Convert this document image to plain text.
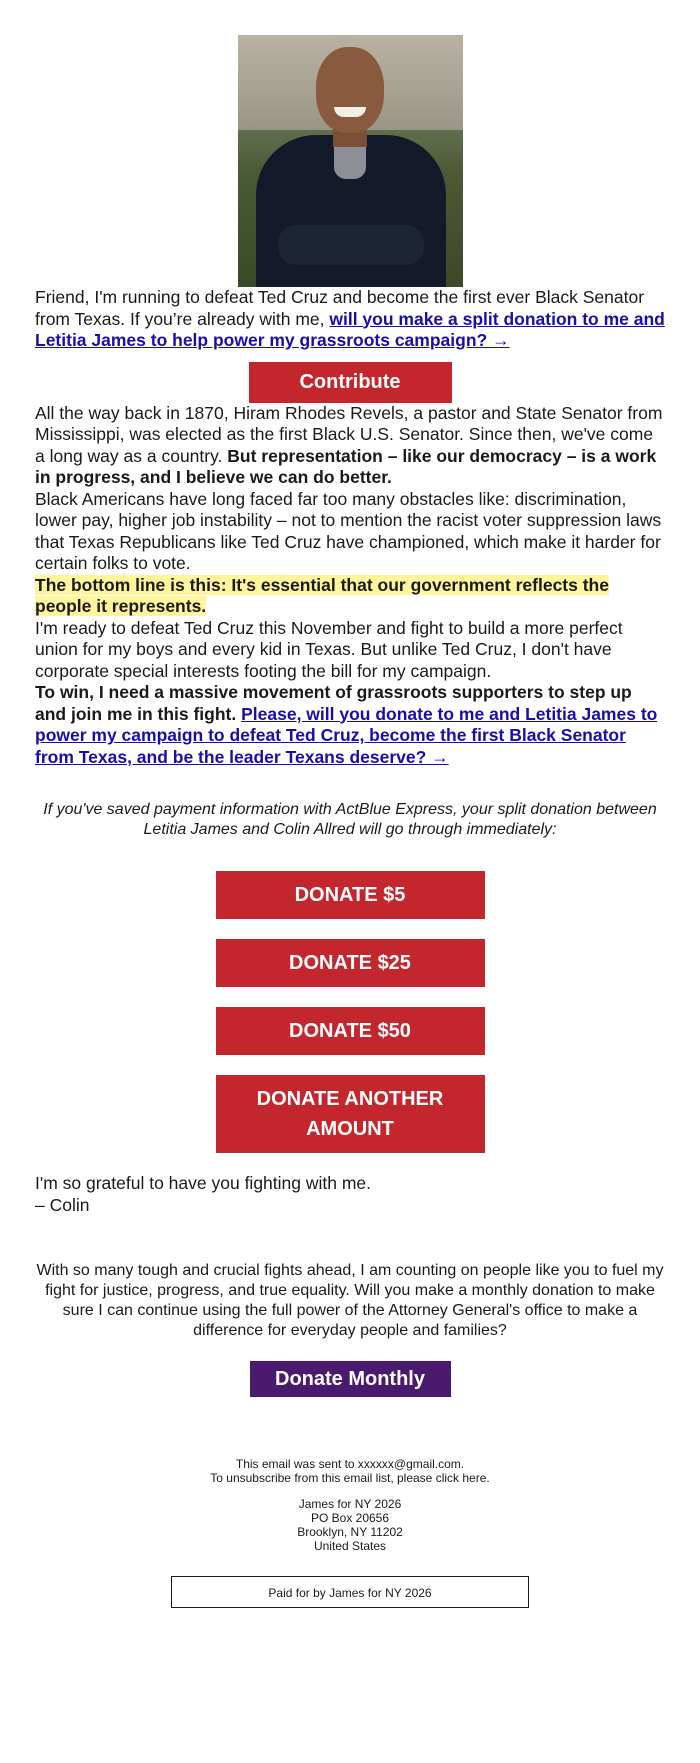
Friend, I'm running to defeat Ted Cruz and become the first ever Black Senator from Texas. If you’re already with me, will you make a split donation to me and Letitia James to help power my grassroots campaign? →

Contribute

All the way back in 1870, Hiram Rhodes Revels, a pastor and State Senator from Mississippi, was elected as the first Black U.S. Senator. Since then, we've come a long way as a country. But representation – like our democracy – is a work in progress, and I believe we can do better.

Black Americans have long faced far too many obstacles like: discrimination, lower pay, higher job instability – not to mention the racist voter suppression laws that Texas Republicans like Ted Cruz have championed, which make it harder for certain folks to vote.

The bottom line is this: It's essential that our government reflects the people it represents.

I'm ready to defeat Ted Cruz this November and fight to build a more perfect union for my boys and every kid in Texas. But unlike Ted Cruz, I don't have corporate special interests footing the bill for my campaign.

To win, I need a massive movement of grassroots supporters to step up and join me in this fight. Please, will you donate to me and Letitia James to power my campaign to defeat Ted Cruz, become the first Black Senator from Texas, and be the leader Texans deserve? →

If you've saved payment information with ActBlue Express, your split donation between Letitia James and Colin Allred will go through immediately:

DONATE $5
DONATE $25
DONATE $50
DONATE ANOTHER AMOUNT

I'm so grateful to have you fighting with me.

– Colin

With so many tough and crucial fights ahead, I am counting on people like you to fuel my fight for justice, progress, and true equality. Will you make a monthly donation to make sure I can continue using the full power of the Attorney General's office to make a difference for everyday people and families?

Donate Monthly
This email was sent to xxxxxx@gmail.com.
To unsubscribe from this email list, please click here.
James for NY 2026
PO Box 20656
Brooklyn, NY 11202
United States
Paid for by James for NY 2026
